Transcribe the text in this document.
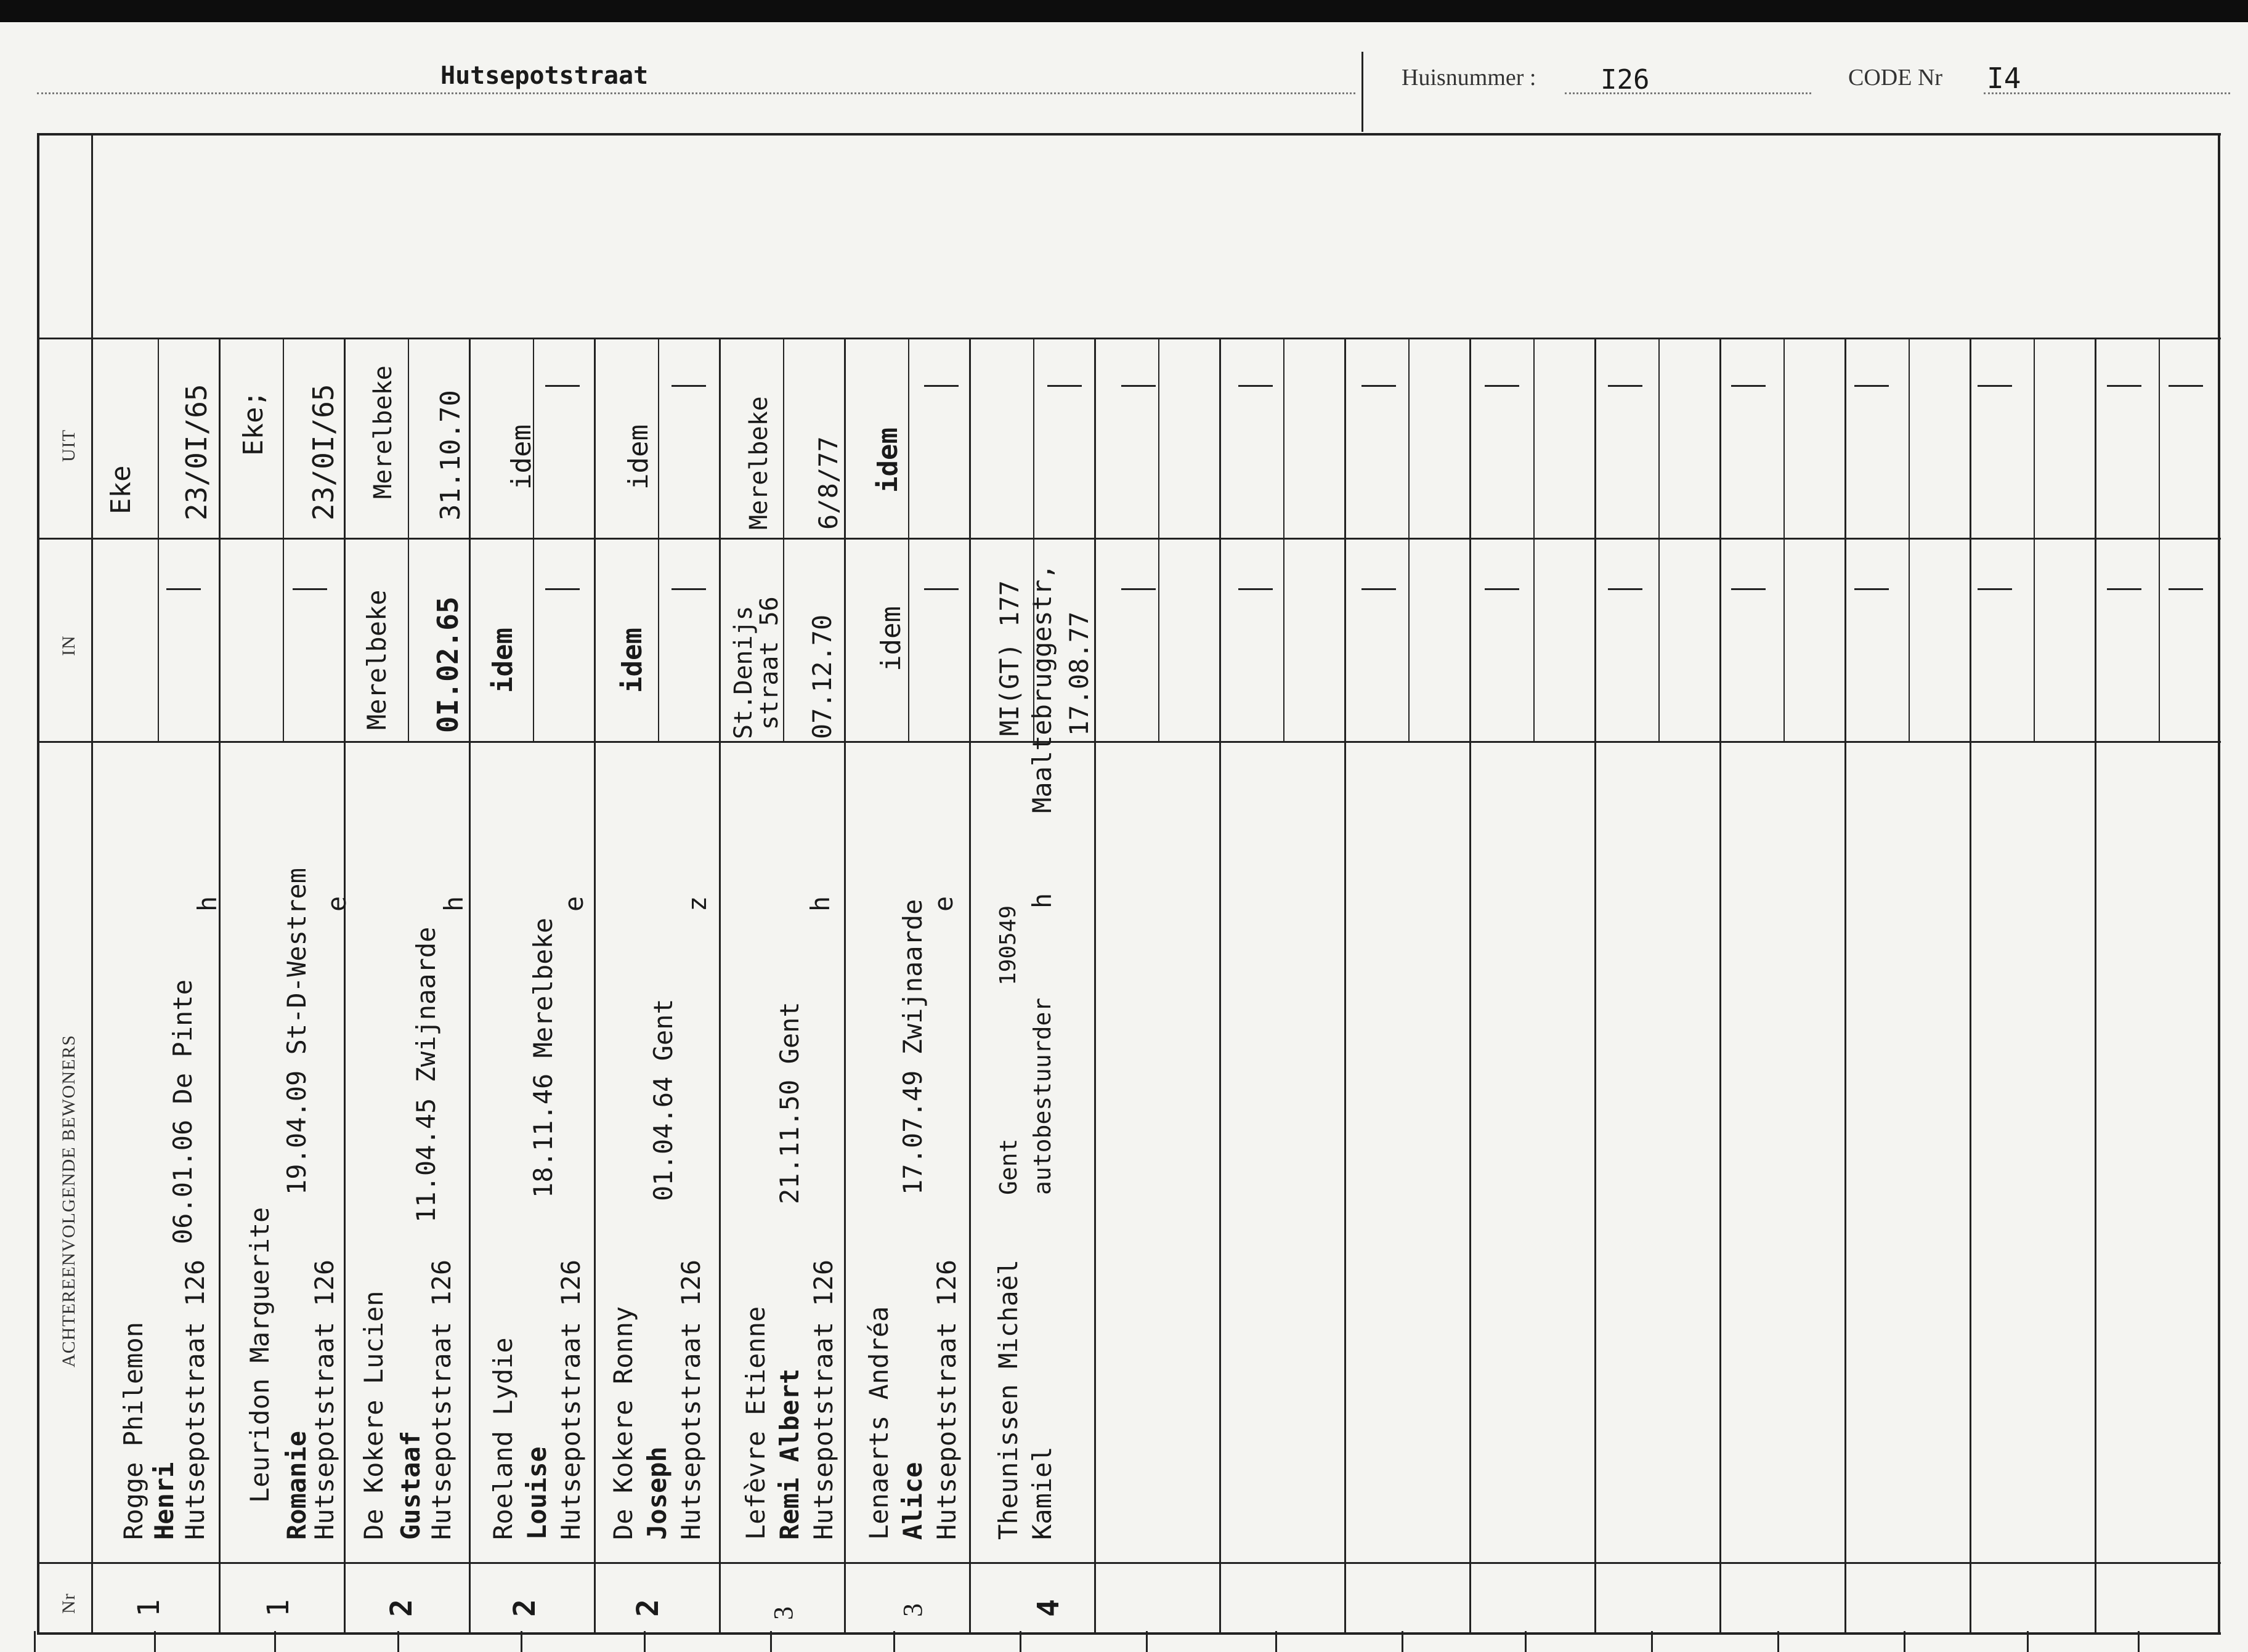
Hutsepotstraat	Huisnummer : I26	CODE Nr I4
UIT
IN
ACHTEREENVOLGENDE BEWONERS
Nr 1
Rogge Philemon Henri Hutsepotstraat 126
06.01.06 De Pinte
h
Eke 23/0I/65
1
Leuridon Marguerite Romanie
Hutsepotstraat 126
19.04.09 St-D-Westrem e
Eke; 23/0I/65
2
De Kokere Lucien Gustaaf Hutsepotstraat 126
11.04.45 Zwijnaarde
h
Merelbeke 0I.02.65
Merelbeke 31.10.70
2
Roeland Lydie Louise Hutsepotstraat 126
18.11.46 Merelbeke
e
idem
idem
2
De Kokere Ronny Joseph Hutsepotstraat 126
01.04.64 Gent
z
idem
idem
3
Lefèvre Etienne Remi Albert Hutsepotstraat 126
21.11.50 Gent
h
St.Denijs
straat 56 07.12.70
Merelbeke 6/8/77
3
Lenaerts Andréa Alice Hutsepotstraat 126
17.07.49 Zwijnaarde e
idem
idem
4
Theunissen Michaël Kamiel
Gent autobestuurder
190549
h
MI(GT) 177 Maaltebruggestr, 17.08.77
